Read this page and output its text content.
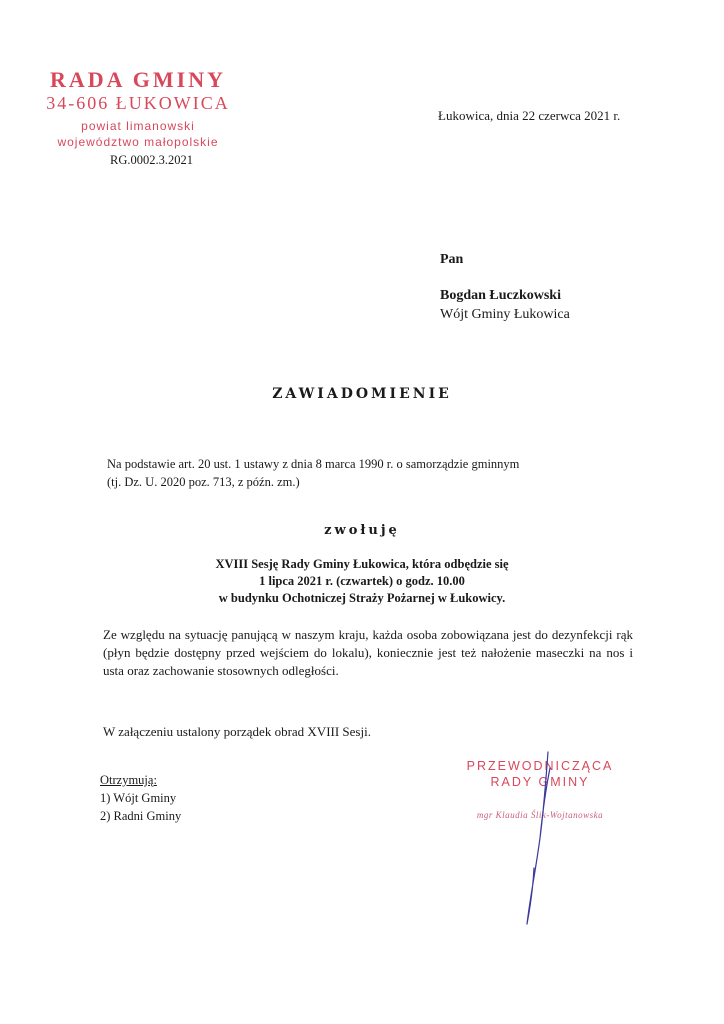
RADA GMINY
34-606 ŁUKOWICA
powiat limanowski
województwo małopolskie
RG.0002.3.2021
Łukowica, dnia 22 czerwca 2021 r.
Pan
Bogdan Łuczkowski
Wójt Gminy Łukowica
ZAWIADOMIENIE
Na podstawie art. 20 ust. 1 ustawy z dnia 8 marca 1990 r. o samorządzie gminnym
(tj. Dz. U. 2020 poz. 713, z późn. zm.)
zwołuję
XVIII Sesję Rady Gminy Łukowica, która odbędzie się
1 lipca 2021 r. (czwartek) o godz. 10.00
w budynku Ochotniczej Straży Pożarnej w Łukowicy.
Ze względu na sytuację panującą w naszym kraju, każda osoba zobowiązana jest do dezynfekcji rąk (płyn będzie dostępny przed wejściem do lokalu), koniecznie jest też nałożenie maseczki na nos i usta oraz zachowanie stosownych odległości.
W załączeniu ustalony porządek obrad XVIII Sesji.
Otrzymują:
1) Wójt Gminy
2) Radni Gminy
PRZEWODNICZĄCA
RADY GMINY
mgr Klaudia Ślik-Wojtanowska
